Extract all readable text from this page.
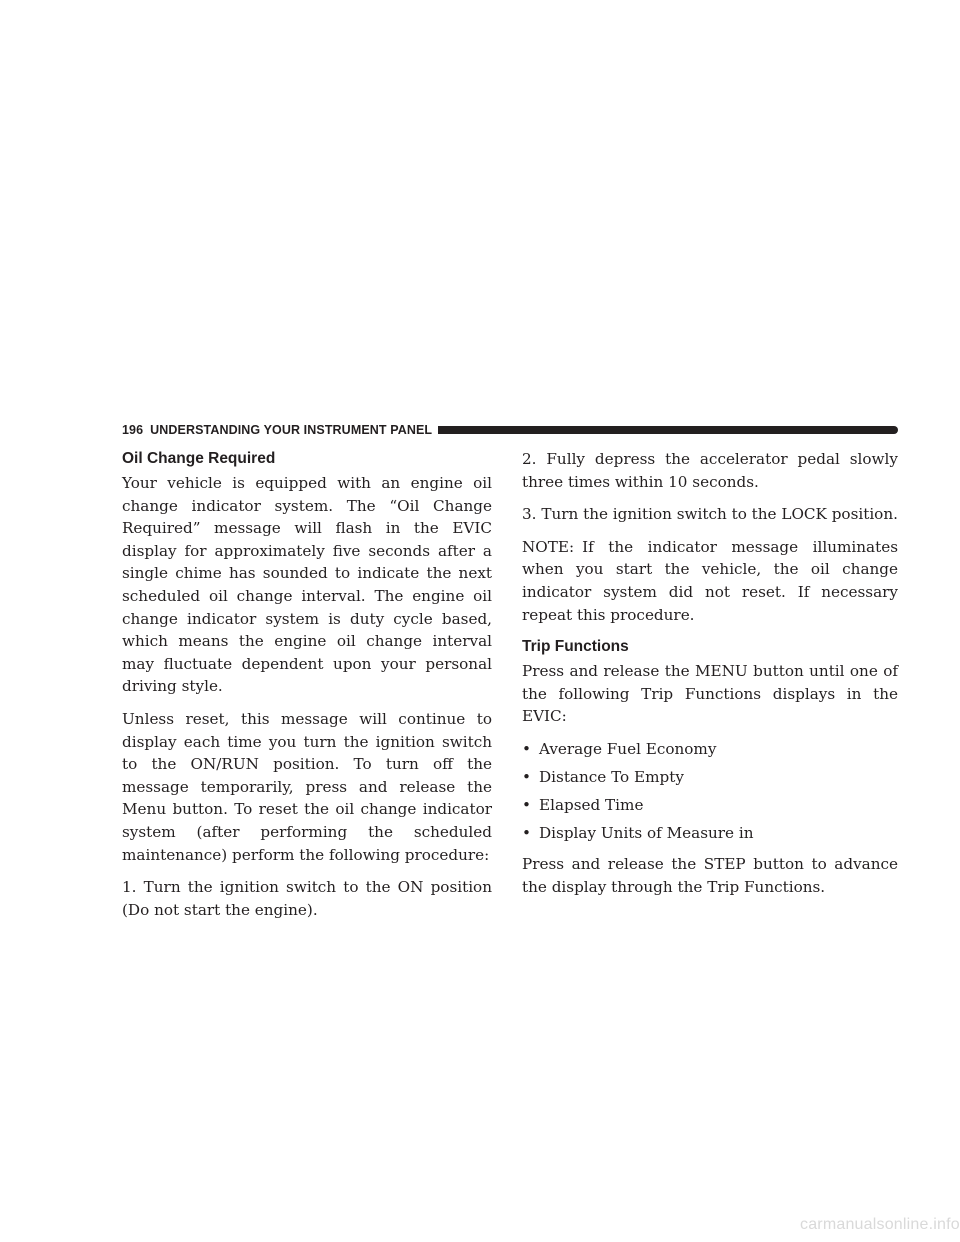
196 UNDERSTANDING YOUR INSTRUMENT PANEL
Oil Change Required

Your vehicle is equipped with an engine oil change indicator system. The “Oil Change Required” message will flash in the EVIC display for approximately five seconds after a single chime has sounded to indicate the next scheduled oil change interval. The engine oil change indicator system is duty cycle based, which means the engine oil change interval may fluctuate dependent upon your personal driving style.

Unless reset, this message will continue to display each time you turn the ignition switch to the ON/RUN position. To turn off the message temporarily, press and release the Menu button. To reset the oil change indicator system (after performing the scheduled maintenance) perform the following procedure:

1. Turn the ignition switch to the ON position (Do not start the engine).

2. Fully depress the accelerator pedal slowly three times within 10 seconds.

3. Turn the ignition switch to the LOCK position.

NOTE: If the indicator message illuminates when you start the vehicle, the oil change indicator system did not reset. If necessary repeat this procedure.

Trip Functions

Press and release the MENU button until one of the following Trip Functions displays in the EVIC:

• Average Fuel Economy
• Distance To Empty
• Elapsed Time
• Display Units of Measure in

Press and release the STEP button to advance the display through the Trip Functions.

carmanualsonline.info
